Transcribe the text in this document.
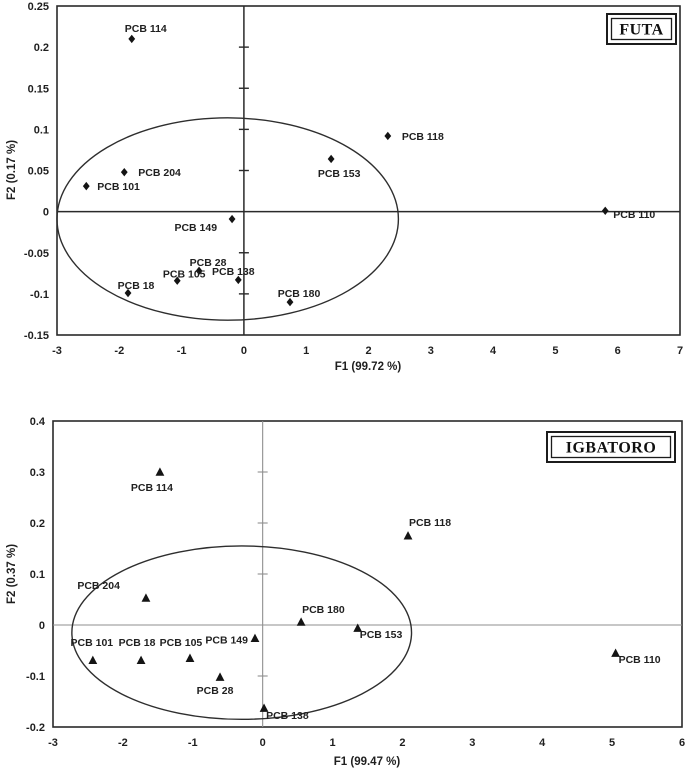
-3	-2	-1	0	1	2	3	4	5	6	7
0.25
0.2
0.15
0.1
0.05
0
-0.05
-0.1
-0.15
PCB 114
PCB 204
PCB 101
PCB 118
PCB 153
PCB 110
PCB 149
PCB 28
PCB 105 PCB 138
PCB 18
PCB 180
-3	-2	-1	0	1	2	3	4	5	6
0.4
0.3
0.2
0.1
0
-0.1
-0.2
PCB 114
PCB 204
PCB 101 PCB 18 PCB 105 PCB 149
PCB 28
PCB 138
PCB 180
PCB 118
PCB 153
PCB 110
F1 (99.72 %)
F2 (0.17 %)
F1 (99.47 %)
F2 (0.37 %)
FUTA
IGBATORO
